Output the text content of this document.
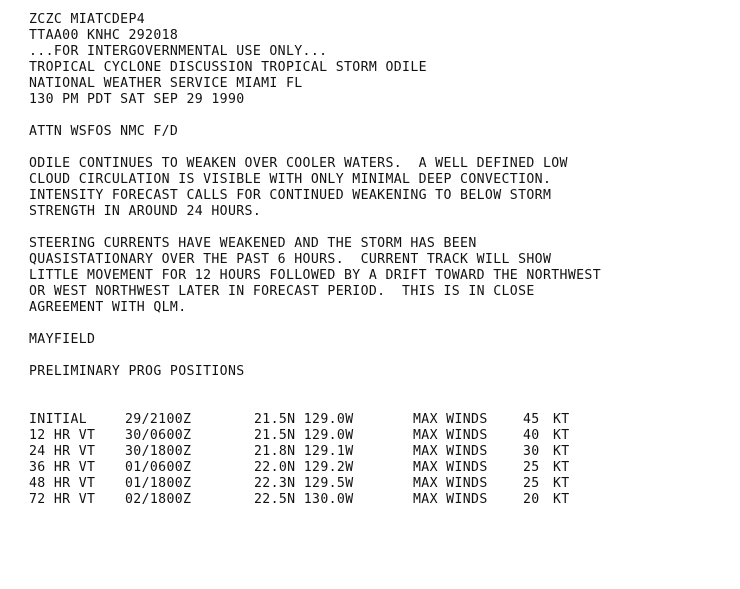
ZCZC MIATCDEP4
TTAA00 KNHC 292018
...FOR INTERGOVERNMENTAL USE ONLY...
TROPICAL CYCLONE DISCUSSION TROPICAL STORM ODILE
NATIONAL WEATHER SERVICE MIAMI FL
130 PM PDT SAT SEP 29 1990
ATTN WSFOS NMC F/D
ODILE CONTINUES TO WEAKEN OVER COOLER WATERS.  A WELL DEFINED LOW
CLOUD CIRCULATION IS VISIBLE WITH ONLY MINIMAL DEEP CONVECTION.
INTENSITY FORECAST CALLS FOR CONTINUED WEAKENING TO BELOW STORM
STRENGTH IN AROUND 24 HOURS.
STEERING CURRENTS HAVE WEAKENED AND THE STORM HAS BEEN
QUASISTATIONARY OVER THE PAST 6 HOURS.  CURRENT TRACK WILL SHOW
LITTLE MOVEMENT FOR 12 HOURS FOLLOWED BY A DRIFT TOWARD THE NORTHWEST
OR WEST NORTHWEST LATER IN FORECAST PERIOD.  THIS IS IN CLOSE
AGREEMENT WITH QLM.
MAYFIELD
PRELIMINARY PROG POSITIONS
INITIAL	29/2100Z	21.5N 129.0W	MAX WINDS	45	KT
12 HR VT	30/0600Z	21.5N 129.0W	MAX WINDS	40	KT
24 HR VT	30/1800Z	21.8N 129.1W	MAX WINDS	30	KT
36 HR VT	01/0600Z	22.0N 129.2W	MAX WINDS	25	KT
48 HR VT	01/1800Z	22.3N 129.5W	MAX WINDS	25	KT
72 HR VT	02/1800Z	22.5N 130.0W	MAX WINDS	20	KT
